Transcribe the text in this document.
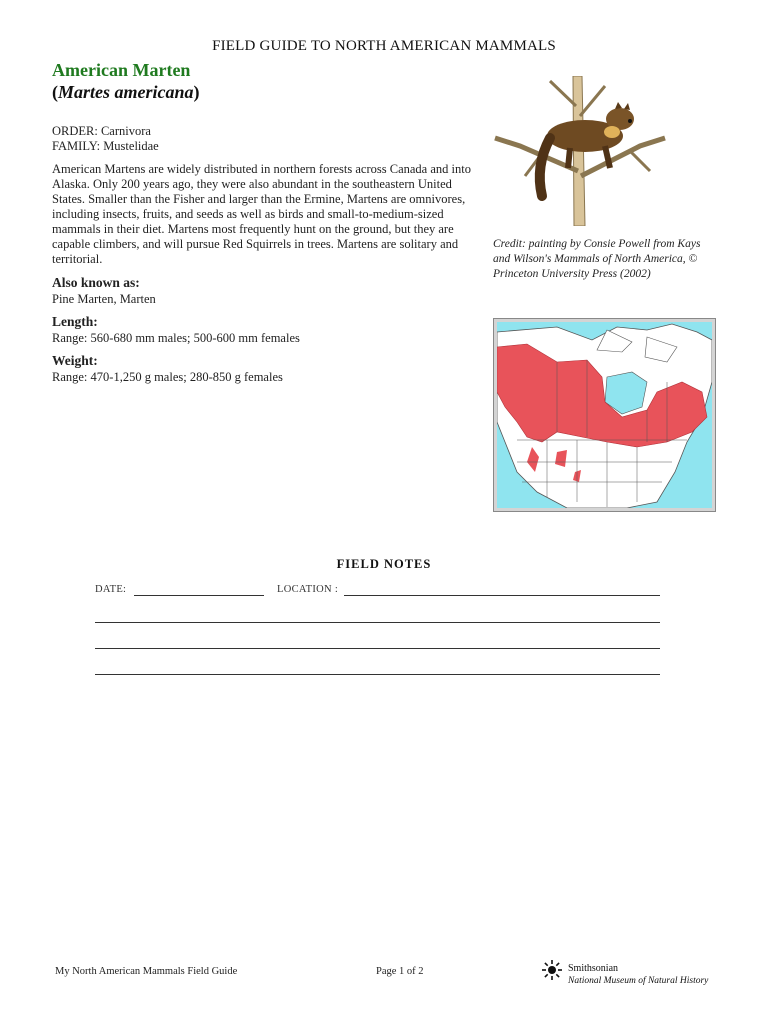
FIELD GUIDE TO NORTH AMERICAN MAMMALS
American Marten
(Martes americana)
ORDER: Carnivora
FAMILY: Mustelidae
American Martens are widely distributed in northern forests across Canada and into Alaska. Only 200 years ago, they were also abundant in the southeastern United States. Smaller than the Fisher and larger than the Ermine, Martens are omnivores, including insects, fruits, and seeds as well as birds and small-to-medium-sized mammals in their diet. Martens most frequently hunt on the ground, but they are capable climbers, and will pursue Red Squirrels in trees. Martens are solitary and territorial.
Also known as:
Pine Marten, Marten
Length:
Range: 560-680 mm males; 500-600 mm females
Weight:
Range: 470-1,250 g males; 280-850 g females
Credit: painting by Consie Powell from Kays and Wilson's Mammals of North America, © Princeton University Press (2002)
FIELD NOTES
DATE:	LOCATION :
My North American Mammals Field Guide	Page 1 of 2	Smithsonian
National Museum of Natural History
